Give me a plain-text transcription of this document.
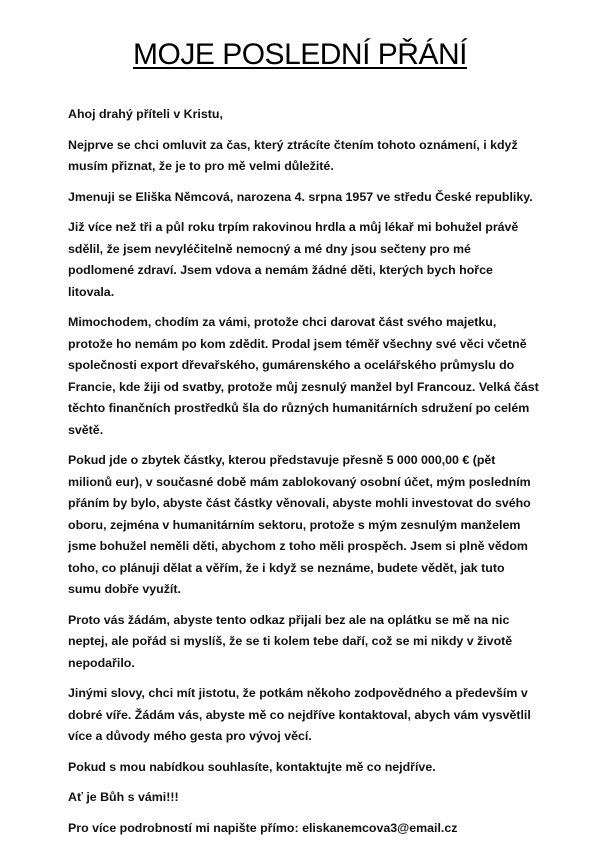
MOJE POSLEDNÍ PŘÁNÍ

Ahoj drahý příteli v Kristu,

Nejprve se chci omluvit za čas, který ztrácíte čtením tohoto oznámení, i když musím přiznat, že je to pro mě velmi důležité.

Jmenuji se Eliška Němcová, narozena 4. srpna 1957 ve středu České republiky.

Již více než tři a půl roku trpím rakovinou hrdla a můj lékař mi bohužel právě sdělil, že jsem nevyléčitelně nemocný a mé dny jsou sečteny pro mé podlomené zdraví. Jsem vdova a nemám žádné děti, kterých bych hořce litovala.

Mimochodem, chodím za vámi, protože chci darovat část svého majetku, protože ho nemám po kom zdědit. Prodal jsem téměř všechny své věci včetně společnosti export dřevařského, gumárenského a ocelářského průmyslu do Francie, kde žiji od svatby, protože můj zesnulý manžel byl Francouz. Velká část těchto finančních prostředků šla do různých humanitárních sdružení po celém světě.

Pokud jde o zbytek částky, kterou představuje přesně 5 000 000,00 € (pět milionů eur), v současné době mám zablokovaný osobní účet, mým posledním přáním by bylo, abyste část částky věnovali, abyste mohli investovat do svého oboru, zejména v humanitárním sektoru, protože s mým zesnulým manželem jsme bohužel neměli děti, abychom z toho měli prospěch. Jsem si plně vědom toho, co plánuji dělat a věřím, že i když se neznáme, budete vědět, jak tuto sumu dobře využít.

Proto vás žádám, abyste tento odkaz přijali bez ale na oplátku se mě na nic neptej, ale pořád si myslíš, že se ti kolem tebe daří, což se mi nikdy v životě nepodařilo.

Jinými slovy, chci mít jistotu, že potkám někoho zodpovědného a především v dobré víře. Žádám vás, abyste mě co nejdříve kontaktoval, abych vám vysvětlil více a důvody mého gesta pro vývoj věcí.

Pokud s mou nabídkou souhlasíte, kontaktujte mě co nejdříve.

Ať je Bůh s vámi!!!

Pro více podrobností mi napište přímo: eliskanemcova3@email.cz
